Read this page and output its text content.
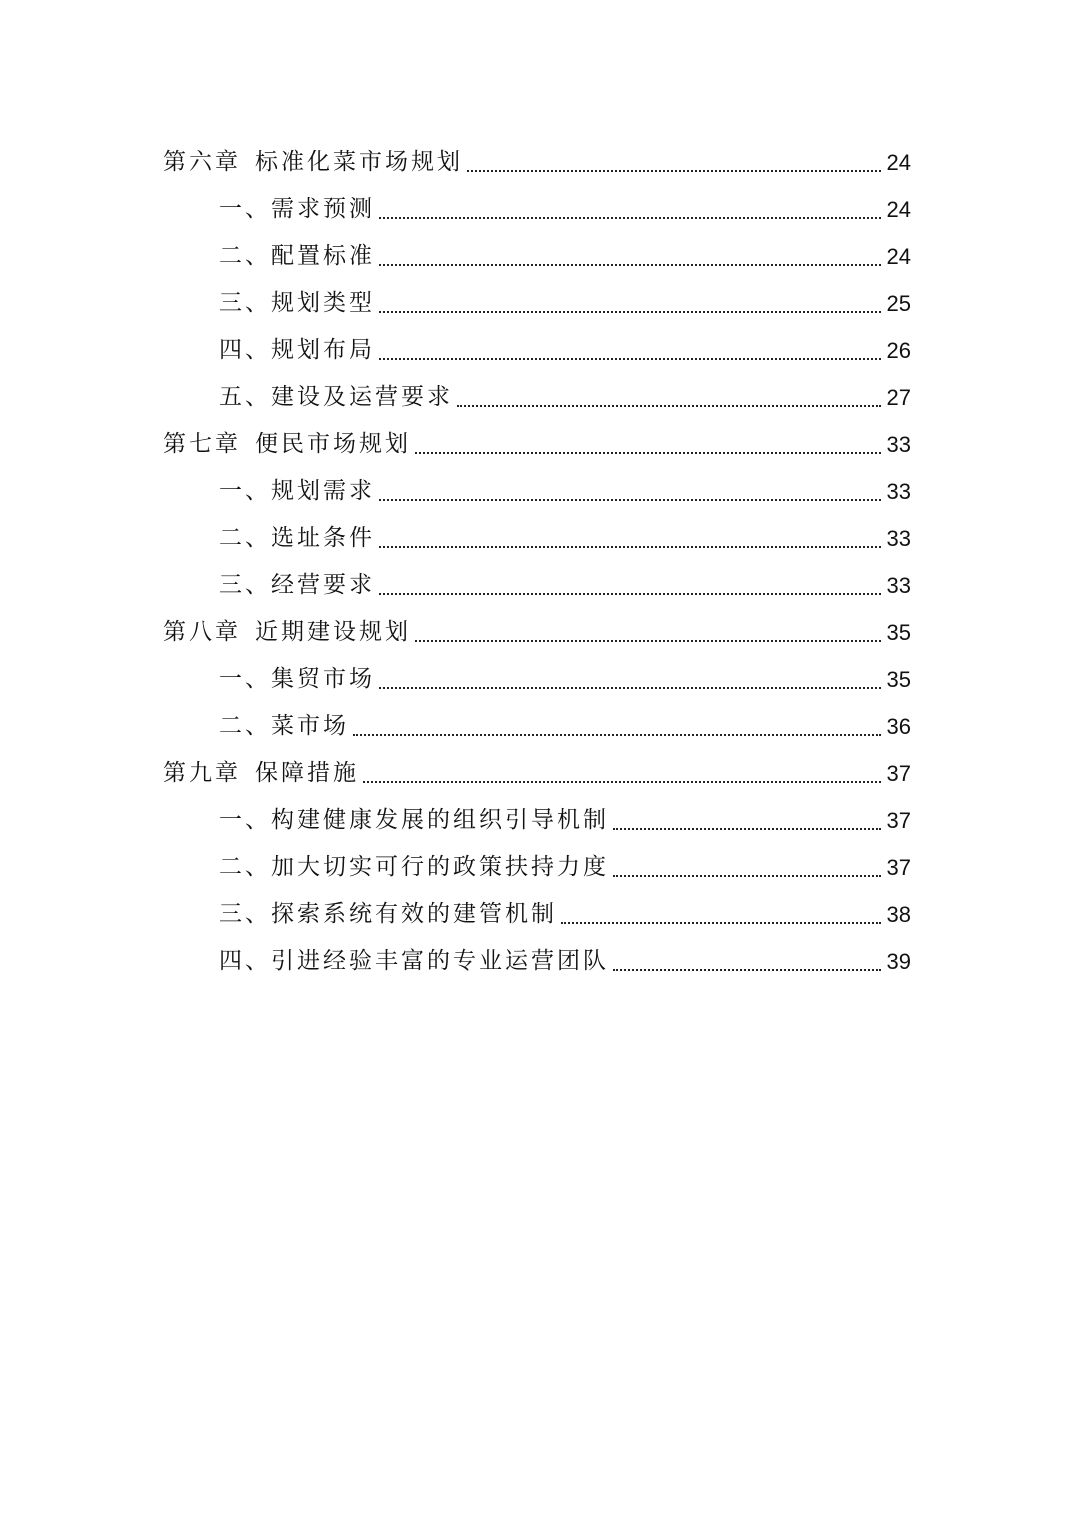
第六章 标准化菜市场规划	24
一、需求预测	24
二、配置标准	24
三、规划类型	25
四、规划布局	26
五、建设及运营要求	27
第七章 便民市场规划	33
一、规划需求	33
二、选址条件	33
三、经营要求	33
第八章 近期建设规划	35
一、集贸市场	35
二、菜市场	36
第九章 保障措施	37
一、构建健康发展的组织引导机制	37
二、加大切实可行的政策扶持力度	37
三、探索系统有效的建管机制	38
四、引进经验丰富的专业运营团队	39
